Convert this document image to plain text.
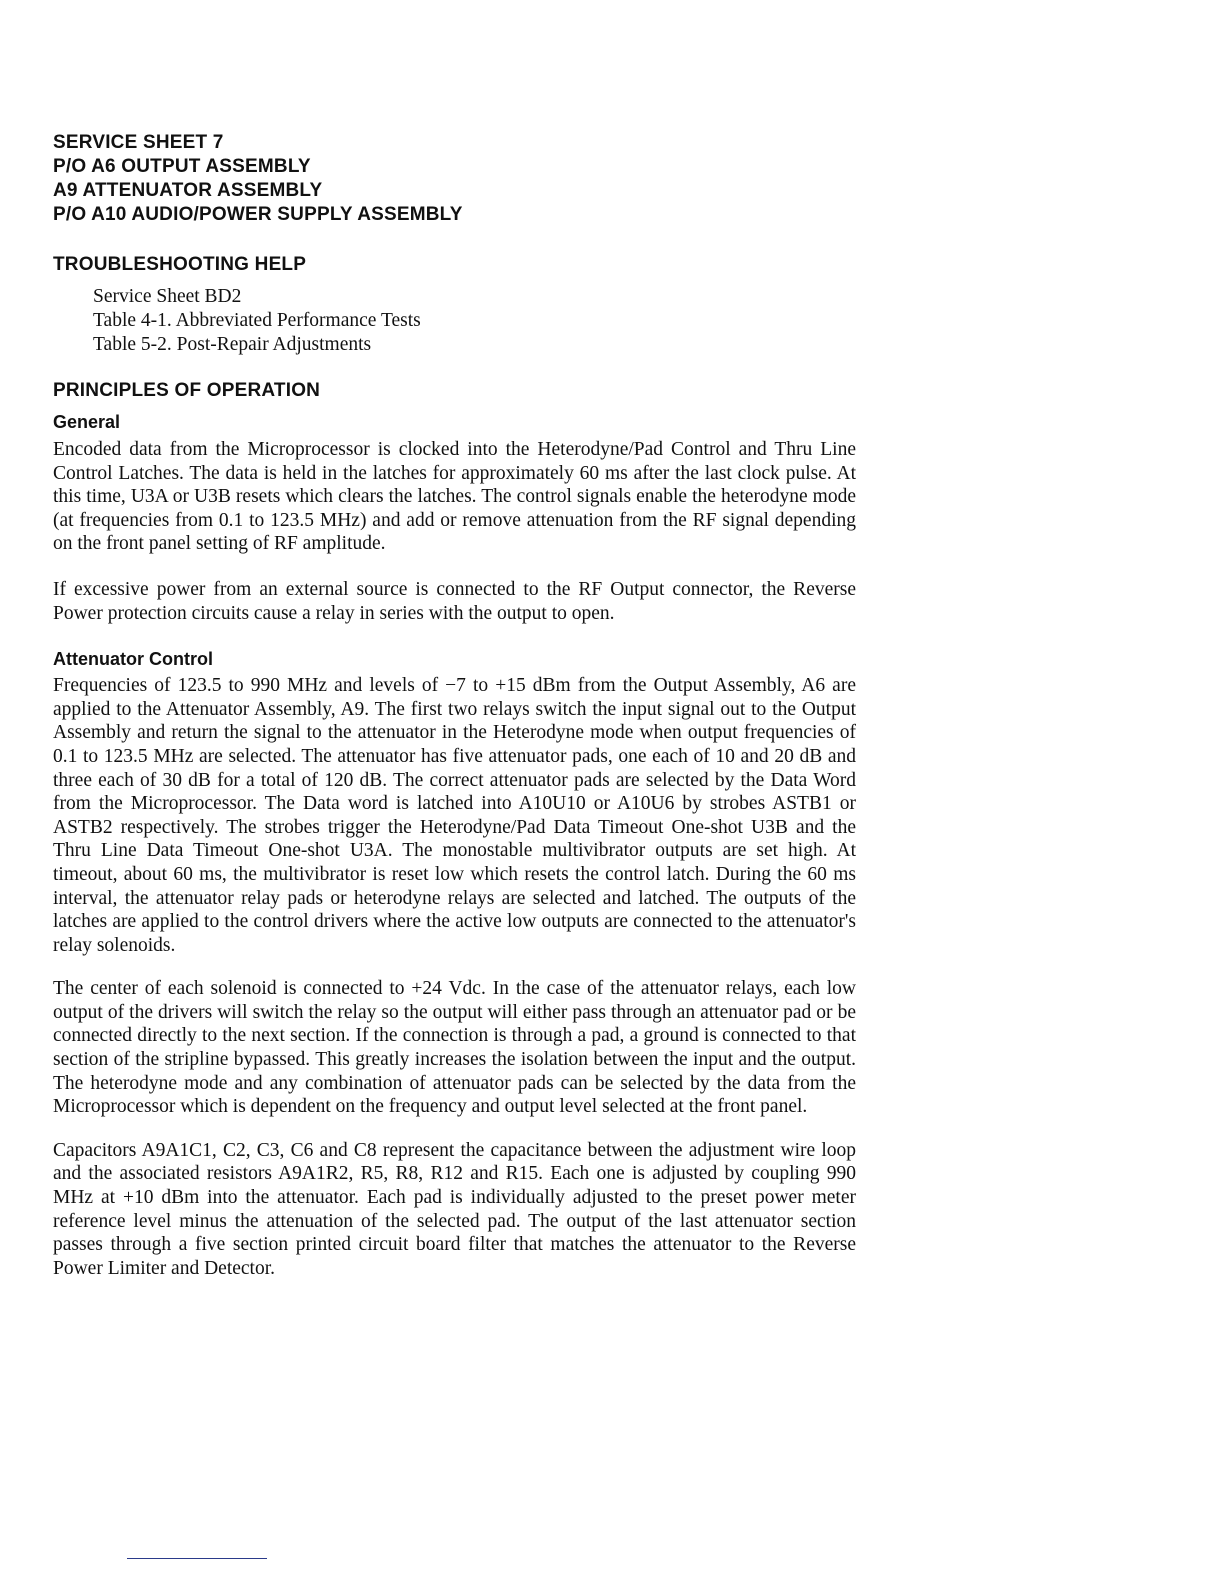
SERVICE SHEET 7
P/O A6 OUTPUT ASSEMBLY
A9 ATTENUATOR ASSEMBLY
P/O A10 AUDIO/POWER SUPPLY ASSEMBLY
TROUBLESHOOTING HELP
Service Sheet BD2
Table 4-1. Abbreviated Performance Tests
Table 5-2. Post-Repair Adjustments
PRINCIPLES OF OPERATION
General

Encoded data from the Microprocessor is clocked into the Heterodyne/Pad Control and Thru Line Control Latches. The data is held in the latches for approximately 60 ms after the last clock pulse. At this time, U3A or U3B resets which clears the latches. The control signals enable the heterodyne mode (at frequencies from 0.1 to 123.5 MHz) and add or remove attenuation from the RF signal depending on the front panel setting of RF amplitude.

If excessive power from an external source is connected to the RF Output connector, the Reverse Power protection circuits cause a relay in series with the output to open.

Attenuator Control

Frequencies of 123.5 to 990 MHz and levels of −7 to +15 dBm from the Output Assembly, A6 are applied to the Attenuator Assembly, A9. The first two relays switch the input signal out to the Output Assembly and return the signal to the attenuator in the Heterodyne mode when output frequencies of 0.1 to 123.5 MHz are selected. The attenuator has five attenuator pads, one each of 10 and 20 dB and three each of 30 dB for a total of 120 dB. The correct attenuator pads are selected by the Data Word from the Microprocessor. The Data word is latched into A10U10 or A10U6 by strobes ASTB1 or ASTB2 respectively. The strobes trigger the Heterodyne/Pad Data Timeout One-shot U3B and the Thru Line Data Timeout One-shot U3A. The monostable multivibrator outputs are set high. At timeout, about 60 ms, the multivibrator is reset low which resets the control latch. During the 60 ms interval, the attenuator relay pads or heterodyne relays are selected and latched. The outputs of the latches are applied to the control drivers where the active low outputs are connected to the attenuator's relay solenoids.

The center of each solenoid is connected to +24 Vdc. In the case of the attenuator relays, each low output of the drivers will switch the relay so the output will either pass through an attenuator pad or be connected directly to the next section. If the connection is through a pad, a ground is connected to that section of the stripline bypassed. This greatly increases the isolation between the input and the output. The heterodyne mode and any combination of attenuator pads can be selected by the data from the Microprocessor which is dependent on the frequency and output level selected at the front panel.

Capacitors A9A1C1, C2, C3, C6 and C8 represent the capacitance between the adjustment wire loop and the associated resistors A9A1R2, R5, R8, R12 and R15. Each one is adjusted by coupling 990 MHz at +10 dBm into the attenuator. Each pad is individually adjusted to the preset power meter reference level minus the attenuation of the selected pad. The output of the last attenuator section passes through a five section printed circuit board filter that matches the attenuator to the Reverse Power Limiter and Detector.
